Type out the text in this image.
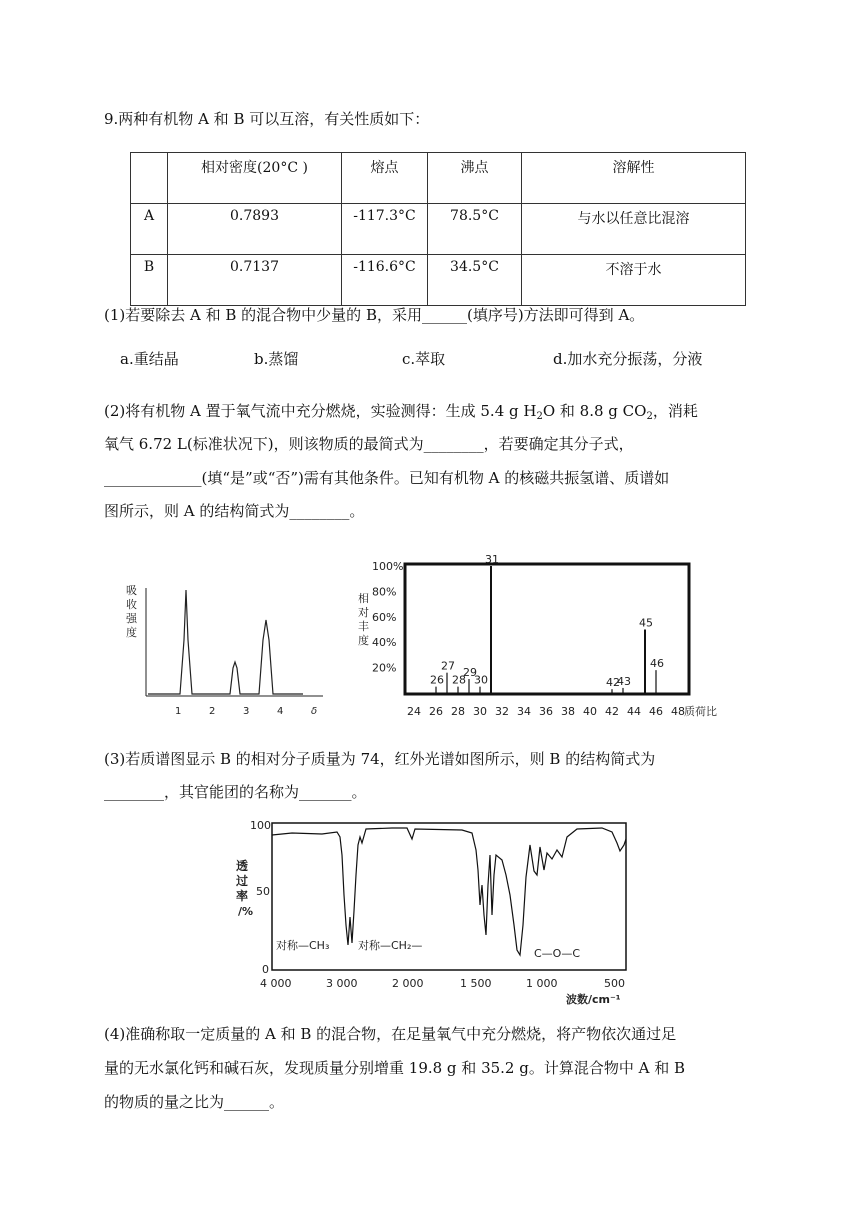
9.两种有机物 A 和 B 可以互溶，有关性质如下：
	相对密度(20°C )	熔点	沸点	溶解性
A	0.7893	-117.3°C	78.5°C	与水以任意比混溶
B	0.7137	-116.6°C	34.5°C	不溶于水
(1)若要除去 A 和 B 的混合物中少量的 B，采用______(填序号)方法即可得到 A。
a.重结晶	b.蒸馏	c.萃取	d.加水充分振荡，分液
(2)将有机物 A 置于氧气流中充分燃烧，实验测得：生成 5.4 g $H_2O$ 和 8.8 g $CO_2$，消耗
氧气 6.72 L(标准状况下)，则该物质的最简式为________，若要确定其分子式，
_____________(填“是”或“否”)需有其他条件。已知有机物 A 的核磁共振氢谱、质谱如
图所示，则 A 的结构简式为________。
吸
收
强
度
1	2	3	4	δ
相
对
丰
度
100%
80%
60%
40%
20%
24 26 28 30 32 34 36 38 40 42 44 46 48 质荷比
26
27
28
29
30
31
42
43
45
46
(3)若质谱图显示 B 的相对分子质量为 74，红外光谱如图所示，则 B 的结构简式为
________，其官能团的名称为_______。
透
过
率
/%
100
50
0
对称—CH₃	对称—CH₂—
C—O—C
4 000	3 000	2 000	1 500	1 000	500
波数/cm⁻¹
(4)准确称取一定质量的 A 和 B 的混合物，在足量氧气中充分燃烧，将产物依次通过足
量的无水氯化钙和碱石灰，发现质量分别增重 19.8 g 和 35.2 g。计算混合物中 A 和 B
的物质的量之比为______。
